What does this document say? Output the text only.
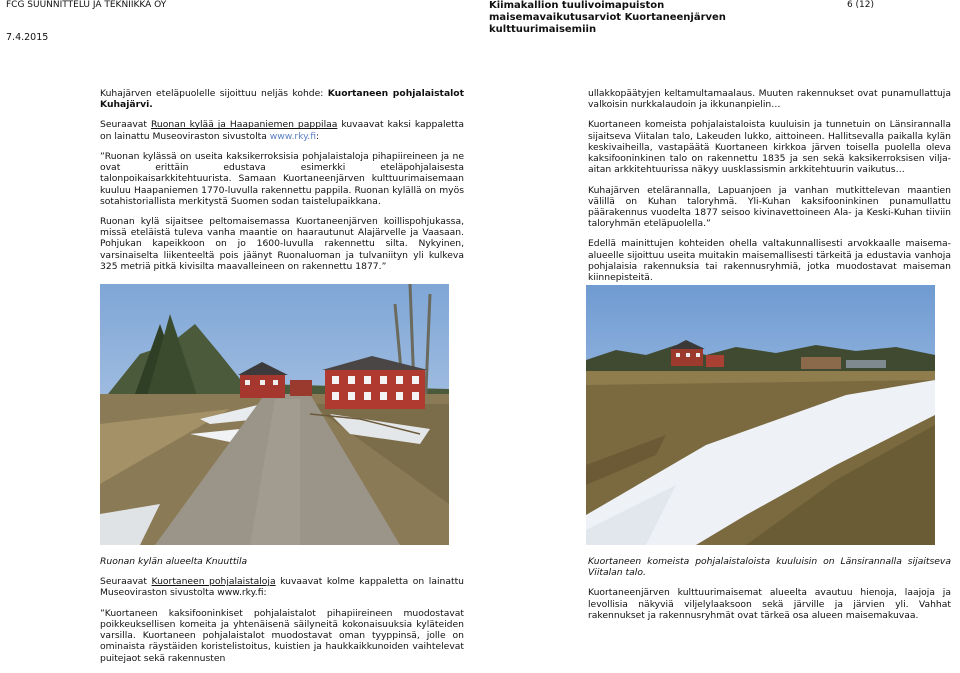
FCG SUUNNITTELU JA TEKNIIKKA OY
7.4.2015
Kiimakallion tuulivoimapuiston
maisemavaikutusarviot Kuortaneenjärven
kulttuurimaisemiin
6 (12)

Kuhajärven eteläpuolelle sijoittuu neljäs kohde: Kuortaneen pohjalaistalot Kuhajärvi.

Seuraavat Ruonan kylää ja Haapaniemen pappilaa kuvaavat kaksi kappaletta on lainattu Museoviraston sivustolta www.rky.fi:

”Ruonan kylässä on useita kaksikerroksisia pohjalaistaloja pihapiireineen ja ne ovat erittäin edustava esimerkki eteläpohjalaisesta talonpoikaisarkkitehtuurista. Samaan Kuortaneenjärven kulttuurimaisemaan kuuluu Haapaniemen 1770-luvulla rakennettu pappila. Ruonan kylällä on myös sotahistoriallista merkitystä Suomen sodan taistelupaikkana.

Ruonan kylä sijaitsee peltomaisemassa Kuortaneenjärven koillispohjukassa, missä eteläistä tuleva vanha maantie on haarautunut Alajärvelle ja Vaasaan. Pohjukan kapeikkoon on jo 1600-luvulla rakennettu silta. Nykyinen, varsinaiselta liikenteeltä pois jäänyt Ruonaluoman ja tulvaniityn yli kulkeva 325 metriä pitkä kivisilta maavalleineen on rakennettu 1877.”

ullakkopäätyjen keltamultamaalaus. Muuten rakennukset ovat punamullattuja valkoisin nurkkalaudoin ja ikkunanpielin…

Kuortaneen komeista pohjalaistaloista kuuluisin ja tunnetuin on Länsirannalla sijaitseva Viitalan talo, Lakeuden lukko, aittoineen. Hallitsevalla paikalla kylän keskivaiheilla, vastapäätä Kuortaneen kirkkoa järven toisella puolella oleva kaksifooninkinen talo on rakennettu 1835 ja sen sekä kaksikerroksisen vilja-aitan arkkitehtuurissa näkyy uusklassismin arkkitehtuurin vaikutus…

Kuhajärven etelärannalla, Lapuanjoen ja vanhan mutkittelevan maantien välillä on Kuhan taloryhmä. Yli-Kuhan kaksifooninkinen punamullattu päärakennus vuodelta 1877 seisoo kivinavettoineen Ala- ja Keski-Kuhan tiiviin taloryhmän eteläpuolella.”

Edellä mainittujen kohteiden ohella valtakunnallisesti arvokkaalle maisema-alueelle sijoittuu useita muitakin maisemallisesti tärkeitä ja edustavia vanhoja pohjalaisia rakennuksia tai rakennusryhmiä, jotka muodostavat maiseman kiinnepisteitä.

Ruonan kylän alueelta Knuuttila

Seuraavat Kuortaneen pohjalaistaloja kuvaavat kolme kappaletta on lainattu Museoviraston sivustolta www.rky.fi:

”Kuortaneen kaksifooninkiset pohjalaistalot pihapiireineen muodostavat poikkeuksellisen komeita ja yhtenäisenä säilyneitä kokonaisuuksia kyläteiden varsilla. Kuortaneen pohjalaistalot muodostavat oman tyyppinsä, jolle on ominaista räystäiden koristelistoitus, kuistien ja haukkaikkunoiden vaihtelevat puitejaot sekä rakennusten

Kuortaneen komeista pohjalaistaloista kuuluisin on Länsirannalla sijaitseva Viitalan talo.

Kuortaneenjärven kulttuurimaisemat alueelta avautuu hienoja, laajoja ja levollisia näkyviä viljelylaaksoon sekä järville ja järvien yli. Vahhat rakennukset ja rakennusryhmät ovat tärkeä osa alueen maisemakuvaa.
